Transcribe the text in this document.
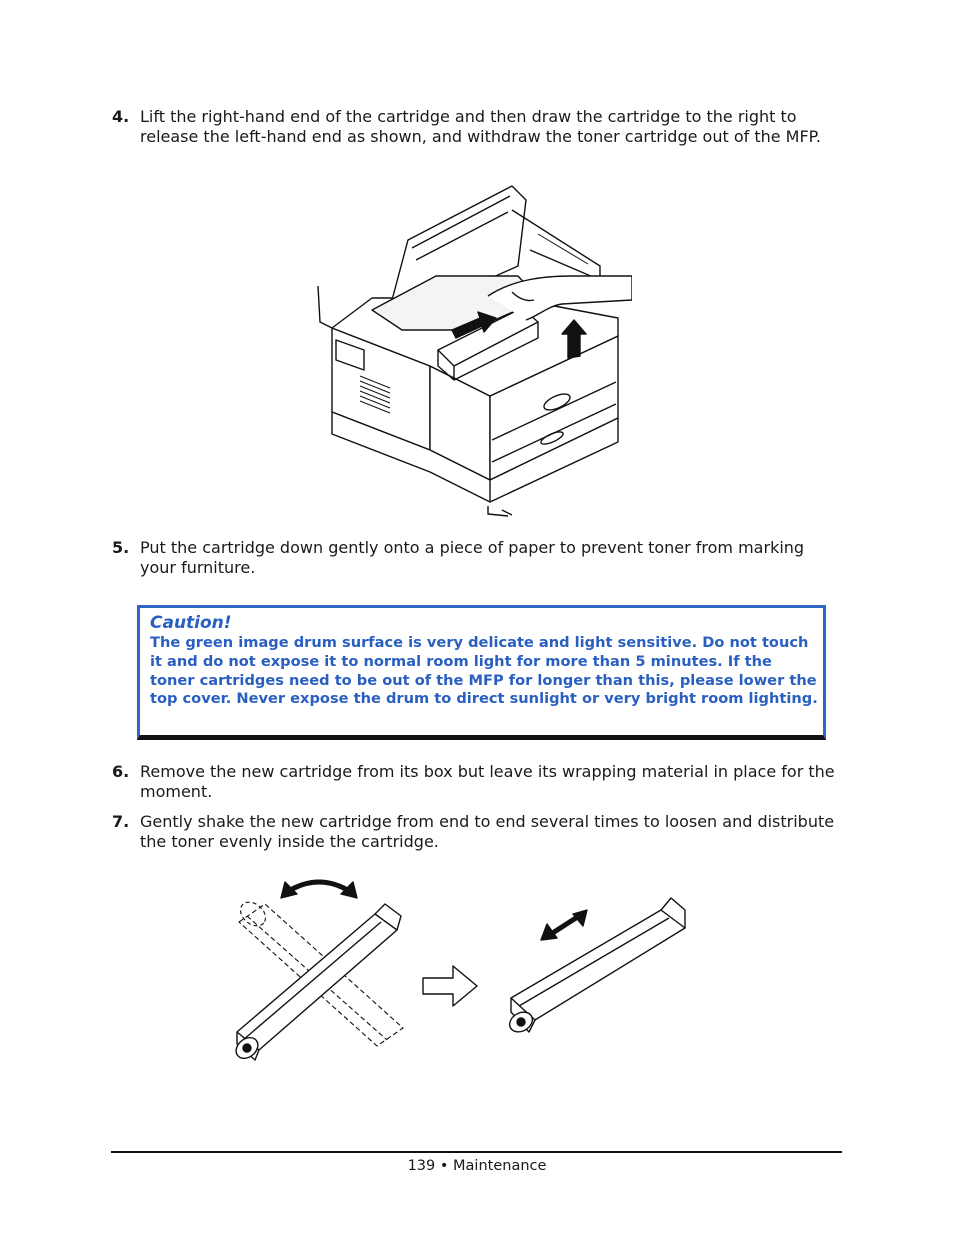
4. Lift the right-hand end of the cartridge and then draw the cartridge to the right to release the left-hand end as shown, and withdraw the toner cartridge out of the MFP.
5. Put the cartridge down gently onto a piece of paper to prevent toner from marking your furniture.
Caution!
The green image drum surface is very delicate and light sensitive. Do not touch it and do not expose it to normal room light for more than 5 minutes. If the toner cartridges need to be out of the MFP for longer than this, please lower the top cover. Never expose the drum to direct sunlight or very bright room lighting.
6. Remove the new cartridge from its box but leave its wrapping material in place for the moment.
7. Gently shake the new cartridge from end to end several times to loosen and distribute the toner evenly inside the cartridge.
139 • Maintenance
